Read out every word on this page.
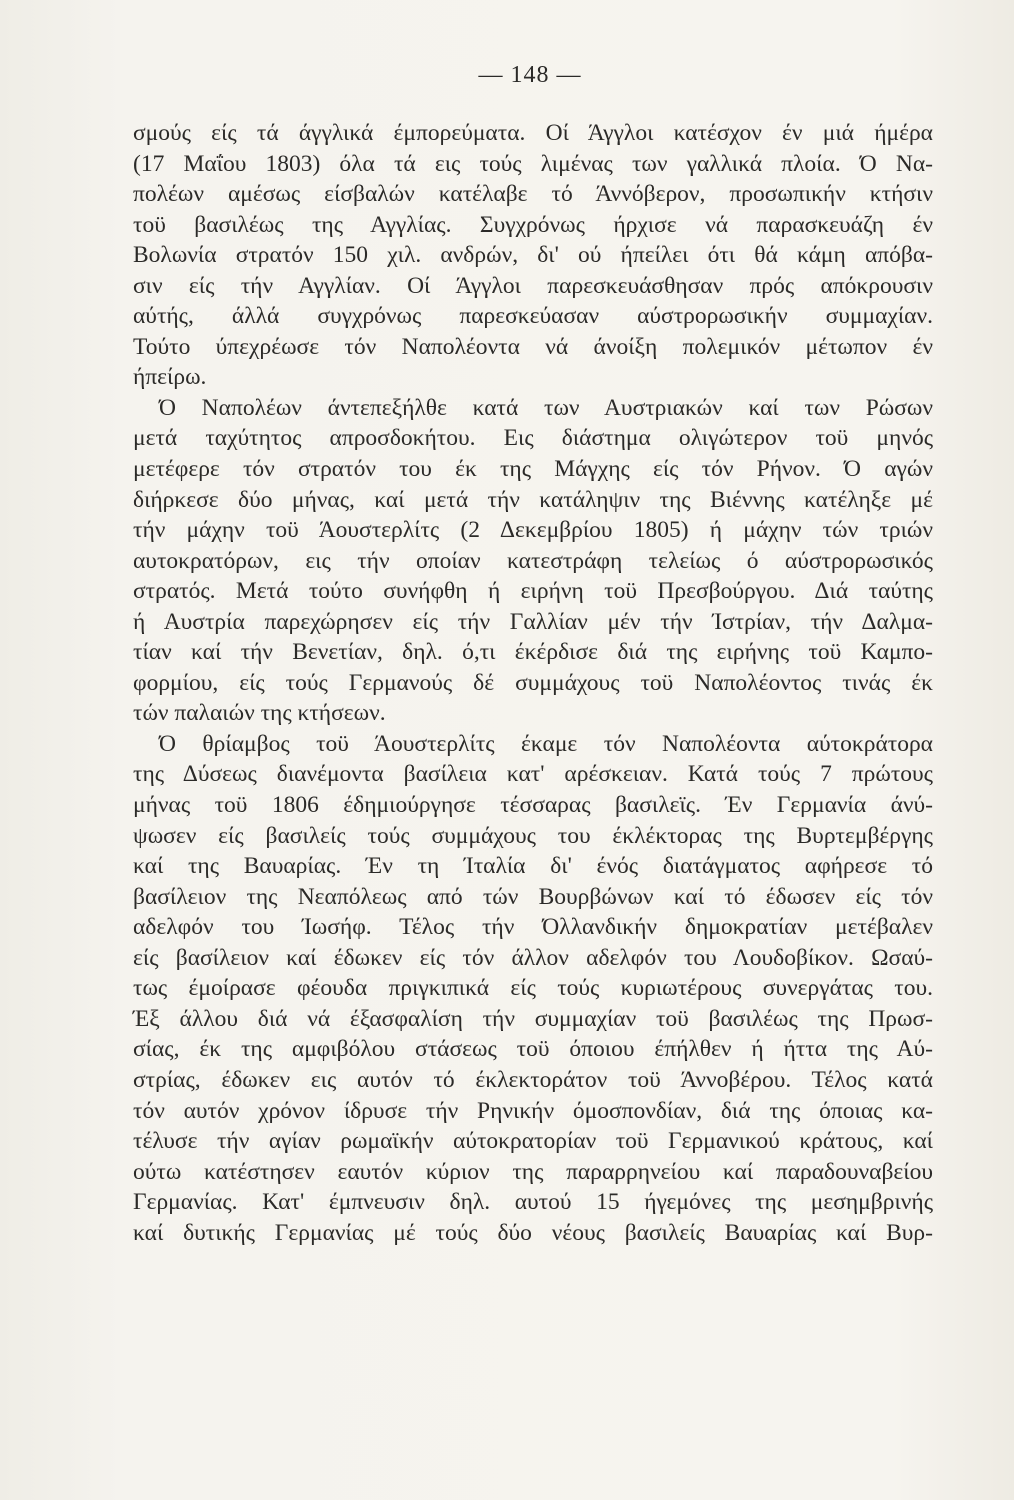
— 148 —
σμούς είς τά άγγλικά έμπορεύματα. Οί Άγγλοι κατέσχον έν μιά ήμέρα
(17 Μαΐου 1803) όλα τά εις τούς λιμένας των γαλλικά πλοία. Ό Να-
πολέων αμέσως είσβαλών κατέλαβε τό Άννόβερον, προσωπικήν κτήσιν
τοϋ βασιλέως της Αγγλίας. Συγχρόνως ήρχισε νά παρασκευάζη έν
Βολωνία στρατόν 150 χιλ. ανδρών, δι' ού ήπείλει ότι θά κάμη απόβα-
σιν είς τήν Αγγλίαν. Οί Άγγλοι παρεσκευάσθησαν πρός απόκρουσιν
αύτής, άλλά συγχρόνως παρεσκεύασαν αύστρορωσικήν συμμαχίαν.
Τούτο ύπεχρέωσε τόν Ναπολέοντα νά άνοίξη πολεμικόν μέτωπον έν
ήπείρω.
Ό Ναπολέων άντεπεξήλθε κατά των Αυστριακών καί των Ρώσων
μετά ταχύτητος απροσδοκήτου. Εις διάστημα ολιγώτερον τοϋ μηνός
μετέφερε τόν στρατόν του έκ της Μάγχης είς τόν Ρήνον. Ό αγών
διήρκεσε δύο μήνας, καί μετά τήν κατάληψιν της Βιέννης κατέληξε μέ
τήν μάχην τοϋ Άουστερλίτς (2 Δεκεμβρίου 1805) ή μάχην τών τριών
αυτοκρατόρων, εις τήν οποίαν κατεστράφη τελείως ό αύστρορωσικός
στρατός. Μετά τούτο συνήφθη ή ειρήνη τοϋ Πρεσβούργου. Διά ταύτης
ή Αυστρία παρεχώρησεν είς τήν Γαλλίαν μέν τήν Ίστρίαν, τήν Δαλμα-
τίαν καί τήν Βενετίαν, δηλ. ό,τι έκέρδισε διά της ειρήνης τοϋ Καμπο-
φορμίου, είς τούς Γερμανούς δέ συμμάχους τοϋ Ναπολέοντος τινάς έκ
τών παλαιών της κτήσεων.
Ό θρίαμβος τοϋ Άουστερλίτς έκαμε τόν Ναπολέοντα αύτοκράτορα
της Δύσεως διανέμοντα βασίλεια κατ' αρέσκειαν. Κατά τούς 7 πρώτους
μήνας τοϋ 1806 έδημιούργησε τέσσαρας βασιλεϊς. Έν Γερμανία άνύ-
ψωσεν είς βασιλείς τούς συμμάχους του έκλέκτορας της Βυρτεμβέργης
καί της Βαυαρίας. Έν τη Ίταλία δι' ένός διατάγματος αφήρεσε τό
βασίλειον της Νεαπόλεως από τών Βουρβώνων καί τό έδωσεν είς τόν
αδελφόν του Ίωσήφ. Τέλος τήν Όλλανδικήν δημοκρατίαν μετέβαλεν
είς βασίλειον καί έδωκεν είς τόν άλλον αδελφόν του Λουδοβίκον. Ωσαύ-
τως έμοίρασε φέουδα πριγκιπικά είς τούς κυριωτέρους συνεργάτας του.
Έξ άλλου διά νά έξασφαλίση τήν συμμαχίαν τοϋ βασιλέως της Πρωσ-
σίας, έκ της αμφιβόλου στάσεως τοϋ όποιου έπήλθεν ή ήττα της Αύ-
στρίας, έδωκεν εις αυτόν τό έκλεκτοράτον τοϋ Άννοβέρου. Τέλος κατά
τόν αυτόν χρόνον ίδρυσε τήν Ρηνικήν όμοσπονδίαν, διά της όποιας κα-
τέλυσε τήν αγίαν ρωμαϊκήν αύτοκρατορίαν τοϋ Γερμανικού κράτους, καί
ούτω κατέστησεν εαυτόν κύριον της παραρρηνείου καί παραδουναβείου
Γερμανίας. Κατ' έμπνευσιν δηλ. αυτού 15 ήγεμόνες της μεσημβρινής
καί δυτικής Γερμανίας μέ τούς δύο νέους βασιλείς Βαυαρίας καί Βυρ-
